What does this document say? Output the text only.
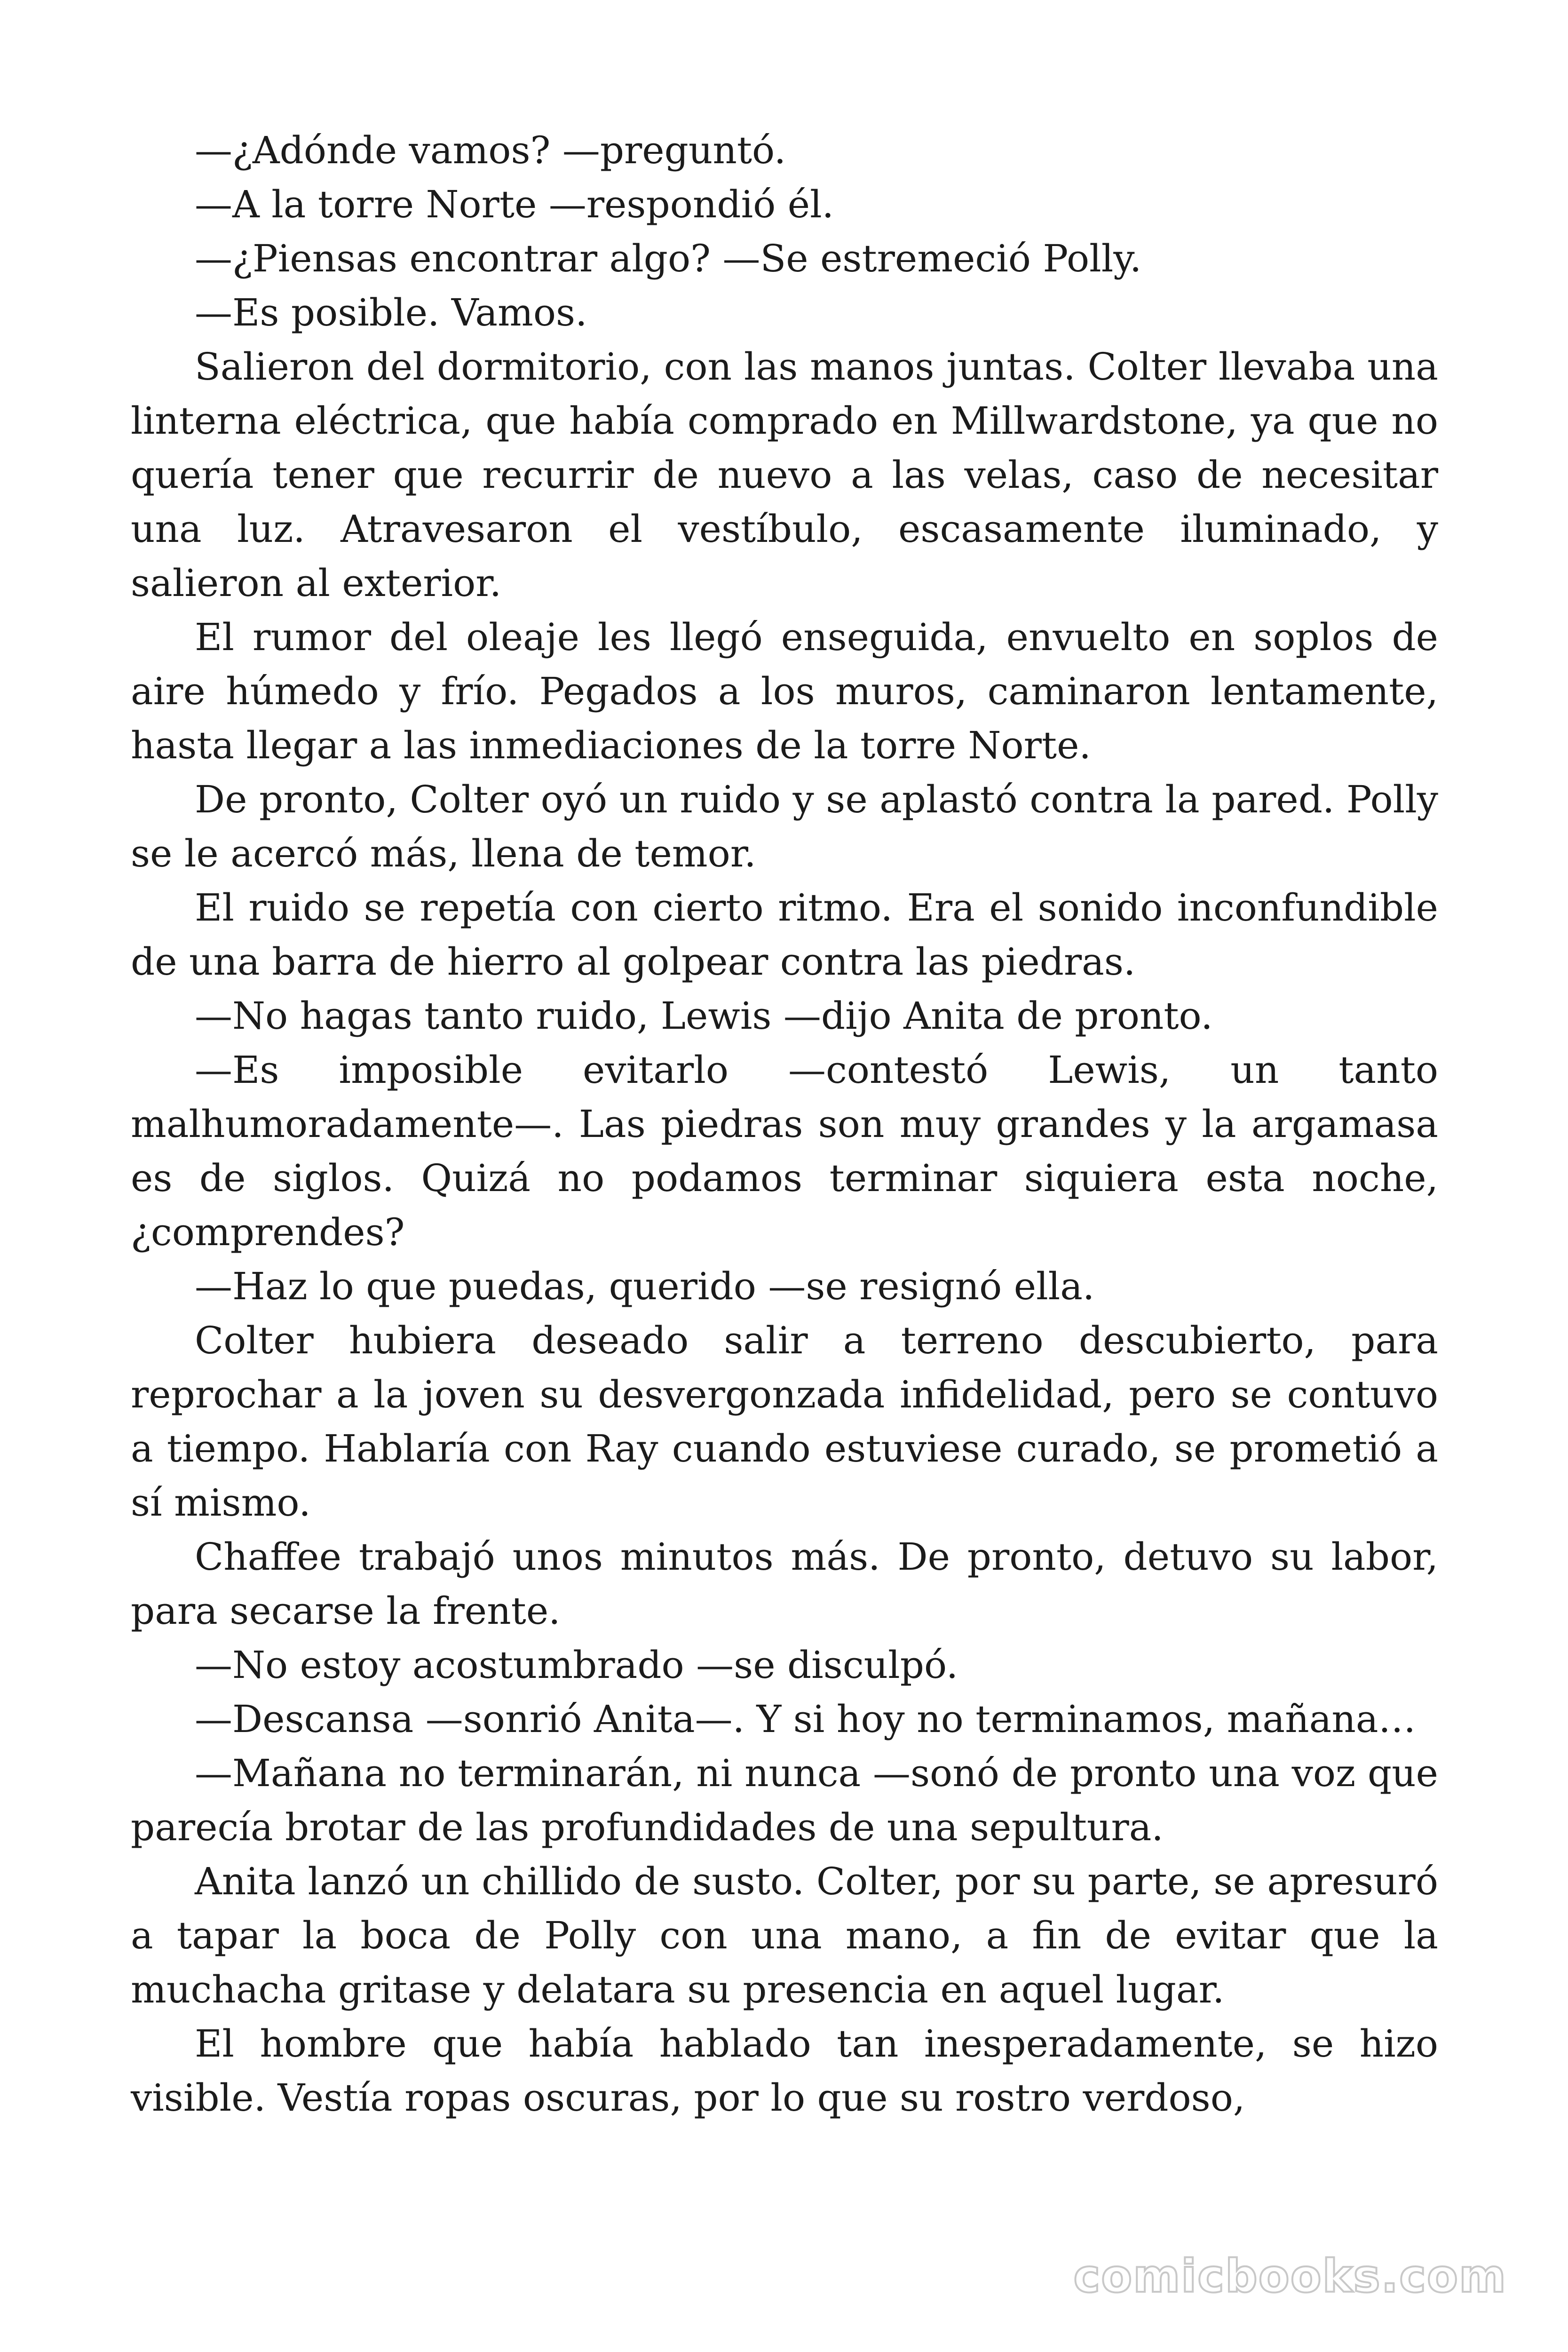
—¿Adónde vamos? —preguntó.

—A la torre Norte —respondió él.

—¿Piensas encontrar algo? —Se estremeció Polly.

—Es posible. Vamos.

Salieron del dormitorio, con las manos juntas. Colter llevaba una linterna eléctrica, que había comprado en Millwardstone, ya que no quería tener que recurrir de nuevo a las velas, caso de necesitar una luz. Atravesaron el vestíbulo, escasamente iluminado, y salieron al exterior.

El rumor del oleaje les llegó enseguida, envuelto en soplos de aire húmedo y frío. Pegados a los muros, caminaron lentamente, hasta llegar a las inmediaciones de la torre Norte.

De pronto, Colter oyó un ruido y se aplastó contra la pared. Polly se le acercó más, llena de temor.

El ruido se repetía con cierto ritmo. Era el sonido inconfundible de una barra de hierro al golpear contra las piedras.

—No hagas tanto ruido, Lewis —dijo Anita de pronto.

—Es imposible evitarlo —contestó Lewis, un tanto malhumoradamente—. Las piedras son muy grandes y la argamasa es de siglos. Quizá no podamos terminar siquiera esta noche, ¿comprendes?

—Haz lo que puedas, querido —se resignó ella.

Colter hubiera deseado salir a terreno descubierto, para reprochar a la joven su desvergonzada infidelidad, pero se contuvo a tiempo. Hablaría con Ray cuando estuviese curado, se prometió a sí mismo.

Chaffee trabajó unos minutos más. De pronto, detuvo su labor, para secarse la frente.

—No estoy acostumbrado —se disculpó.

—Descansa —sonrió Anita—. Y si hoy no terminamos, mañana…

—Mañana no terminarán, ni nunca —sonó de pronto una voz que parecía brotar de las profundidades de una sepultura.

Anita lanzó un chillido de susto. Colter, por su parte, se apresuró a tapar la boca de Polly con una mano, a fin de evitar que la muchacha gritase y delatara su presencia en aquel lugar.

El hombre que había hablado tan inesperadamente, se hizo visible. Vestía ropas oscuras, por lo que su rostro verdoso,

comicbooks.com
